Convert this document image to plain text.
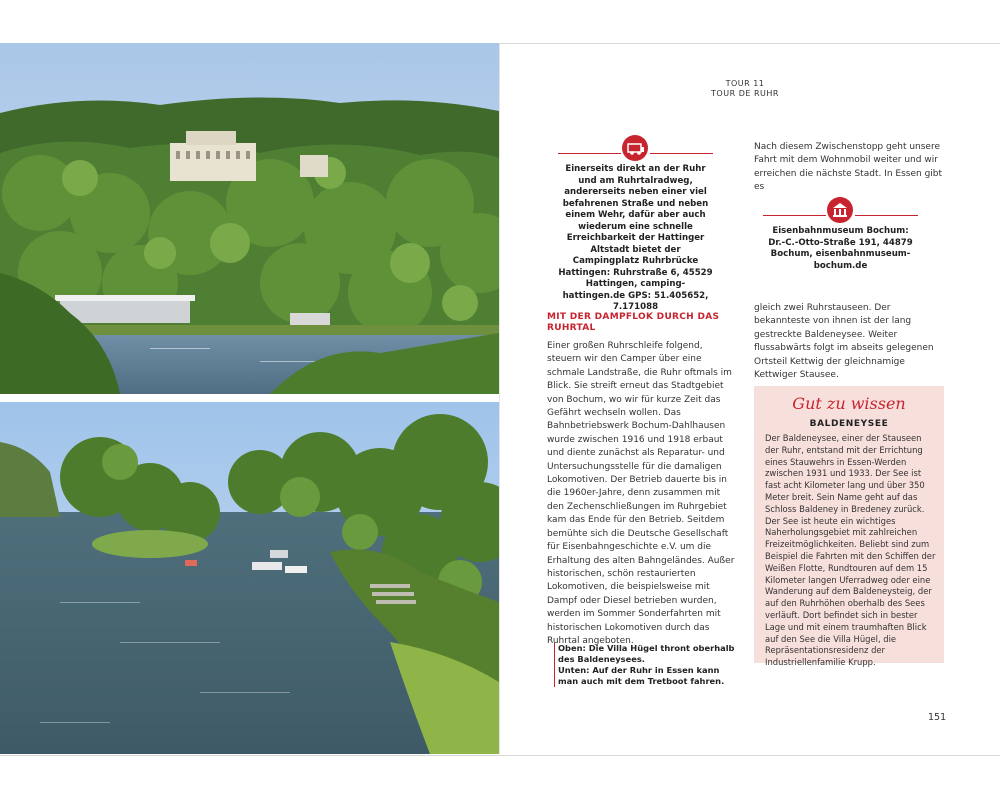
TOUR 11
TOUR DE RUHR
Einerseits direkt an der Ruhr und am Ruhrtalradweg, andererseits neben einer viel befahrenen Straße und neben einem Wehr, dafür aber auch wiederum eine schnelle Erreichbarkeit der Hattinger Altstadt bietet der Campingplatz Ruhrbrücke Hattingen: Ruhrstraße 6, 45529 Hattingen, camping-hattingen.de GPS: 51.405652, 7.171088
Eisenbahnmuseum Bochum: Dr.-C.-Otto-Straße 191, 44879 Bochum, eisenbahnmuseum-bochum.de
MIT DER DAMPFLOK DURCH DAS RUHRTAL
Einer großen Ruhrschleife folgend, steuern wir den Camper über eine schmale Landstraße, die Ruhr oftmals im Blick. Sie streift erneut das Stadtgebiet von Bochum, wo wir für kurze Zeit das Gefährt wechseln wollen. Das Bahnbetriebswerk Bochum-Dahlhausen wurde zwischen 1916 und 1918 erbaut und diente zunächst als Reparatur- und Untersuchungsstelle für die damaligen Lokomotiven. Der Betrieb dauerte bis in die 1960er-Jahre, denn zusammen mit den Zechenschließungen im Ruhrgebiet kam das Ende für den Betrieb. Seitdem bemühte sich die Deutsche Gesellschaft für Eisenbahngeschichte e.V. um die Erhaltung des alten Bahngeländes. Außer historischen, schön restaurierten Lokomotiven, die beispielsweise mit Dampf oder Diesel betrieben wurden, werden im Sommer Sonderfahrten mit historischen Lokomotiven durch das Ruhrtal angeboten.
Nach diesem Zwischenstopp geht unsere Fahrt mit dem Wohnmobil weiter und wir erreichen die nächste Stadt. In Essen gibt es
gleich zwei Ruhrstauseen. Der bekannteste von ihnen ist der lang gestreckte Baldeneysee. Weiter flussabwärts folgt im abseits gelegenen Ortsteil Kettwig der gleichnamige Kettwiger Stausee.
Oben: Die Villa Hügel thront oberhalb des Baldeneysees.
Unten: Auf der Ruhr in Essen kann man auch mit dem Tretboot fahren.
Gut zu wissen
BALDENEYSEE
Der Baldeneysee, einer der Stauseen der Ruhr, entstand mit der Errichtung eines Stauwehrs in Essen-Werden zwischen 1931 und 1933. Der See ist fast acht Kilometer lang und über 350 Meter breit. Sein Name geht auf das Schloss Baldeney in Bredeney zurück. Der See ist heute ein wichtiges Naherholungsgebiet mit zahlreichen Freizeitmöglichkeiten. Beliebt sind zum Beispiel die Fahrten mit den Schiffen der Weißen Flotte, Rundtouren auf dem 15 Kilometer langen Uferradweg oder eine Wanderung auf dem Baldeneysteig, der auf den Ruhrhöhen oberhalb des Sees verläuft. Dort befindet sich in bester Lage und mit einem traumhaften Blick auf den See die Villa Hügel, die Repräsentationsresidenz der Industriellenfamilie Krupp.
151
